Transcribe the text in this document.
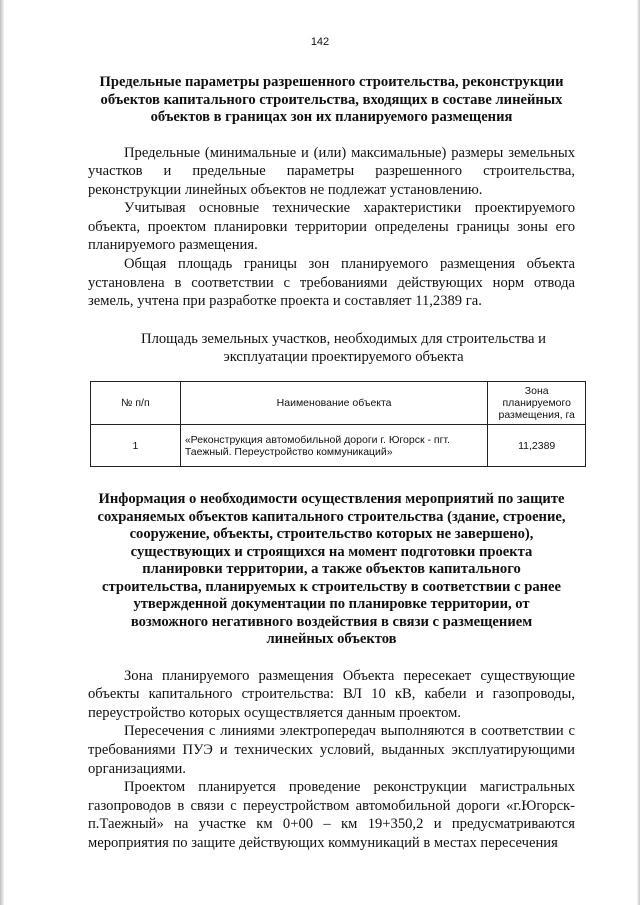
142

Предельные параметры разрешенного строительства, реконструкции объектов капитального строительства, входящих в составе линейных объектов в границах зон их планируемого размещения

Предельные (минимальные и (или) максимальные) размеры земельных участков и предельные параметры разрешенного строительства, реконструкции линейных объектов не подлежат установлению.

Учитывая основные технические характеристики проектируемого объекта, проектом планировки территории определены границы зоны его планируемого размещения.

Общая площадь границы зон планируемого размещения объекта установлена в соответствии с требованиями действующих норм отвода земель, учтена при разработке проекта и составляет 11,2389 га.

Площадь земельных участков, необходимых для строительства и эксплуатации проектируемого объекта

№ п/п	Наименование объекта	Зона планируемого размещения, га
1	«Реконструкция автомобильной дороги г. Югорск - пгт. Таежный. Переустройство коммуникаций»	11,2389

Информация о необходимости осуществления мероприятий по защите сохраняемых объектов капитального строительства (здание, строение, сооружение, объекты, строительство которых не завершено), существующих и строящихся на момент подготовки проекта планировки территории, а также объектов капитального строительства, планируемых к строительству в соответствии с ранее утвержденной документации по планировке территории, от возможного негативного воздействия в связи с размещением линейных объектов

Зона планируемого размещения Объекта пересекает существующие объекты капитального строительства: ВЛ 10 кВ, кабели и газопроводы, переустройство которых осуществляется данным проектом.

Пересечения с линиями электропередач выполняются в соответствии с требованиями ПУЭ и технических условий, выданных эксплуатирующими организациями.

Проектом планируется проведение реконструкции магистральных газопроводов в связи с переустройством автомобильной дороги «г.Югорск-п.Таежный» на участке км 0+00 – км 19+350,2 и предусматриваются мероприятия по защите действующих коммуникаций в местах пересечения
